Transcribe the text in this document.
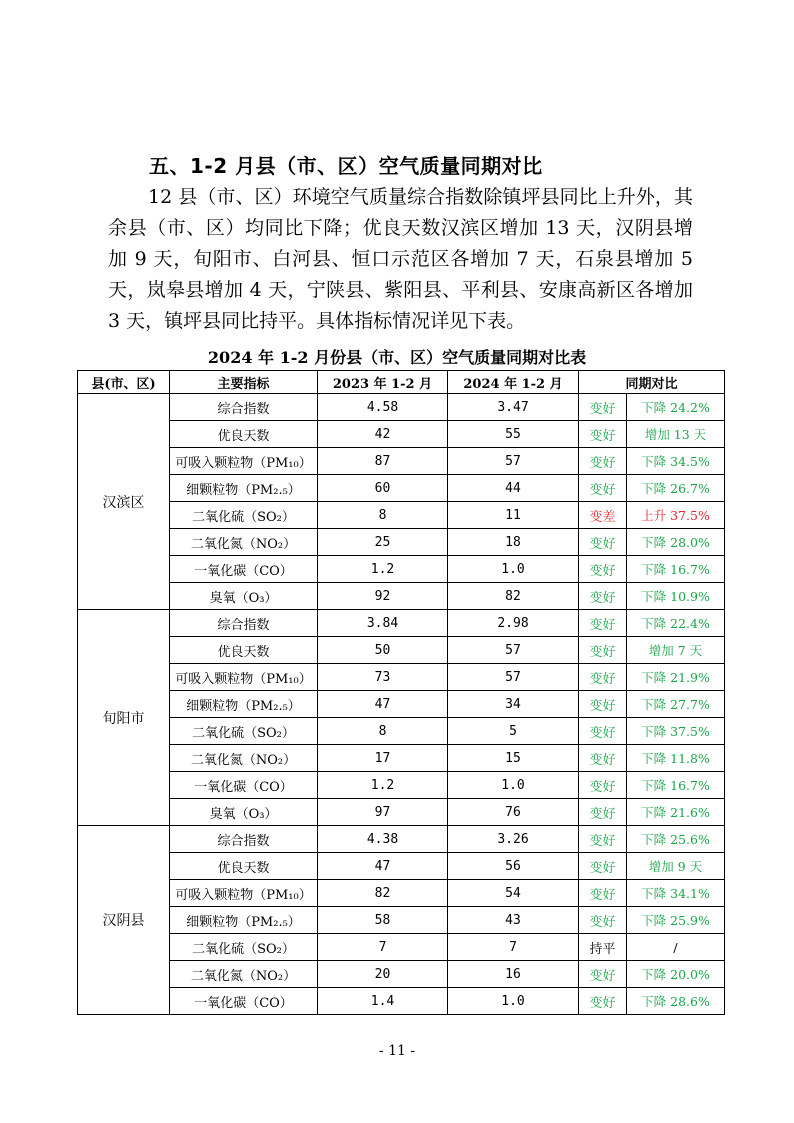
五、1-2 月县（市、区）空气质量同期对比
12 县（市、区）环境空气质量综合指数除镇坪县同比上升外，其余县（市、区）均同比下降；优良天数汉滨区增加 13 天，汉阴县增加 9 天，旬阳市、白河县、恒口示范区各增加 7 天，石泉县增加 5 天，岚皋县增加 4 天，宁陕县、紫阳县、平利县、安康高新区各增加 3 天，镇坪县同比持平。具体指标情况详见下表。
2024 年 1-2 月份县（市、区）空气质量同期对比表
县(市、区)	主要指标	2023 年 1-2 月	2024 年 1-2 月	同期对比	
汉滨区	综合指数	4.58	3.47	变好	下降 24.2%
	优良天数	42	55	变好	增加 13 天
	可吸入颗粒物（PM₁₀）	87	57	变好	下降 34.5%
	细颗粒物（PM₂.₅）	60	44	变好	下降 26.7%
	二氧化硫（SO₂）	8	11	变差	上升 37.5%
	二氧化氮（NO₂）	25	18	变好	下降 28.0%
	一氧化碳（CO）	1.2	1.0	变好	下降 16.7%
	臭氧（O₃）	92	82	变好	下降 10.9%
旬阳市	综合指数	3.84	2.98	变好	下降 22.4%
	优良天数	50	57	变好	增加 7 天
	可吸入颗粒物（PM₁₀）	73	57	变好	下降 21.9%
	细颗粒物（PM₂.₅）	47	34	变好	下降 27.7%
	二氧化硫（SO₂）	8	5	变好	下降 37.5%
	二氧化氮（NO₂）	17	15	变好	下降 11.8%
	一氧化碳（CO）	1.2	1.0	变好	下降 16.7%
	臭氧（O₃）	97	76	变好	下降 21.6%
汉阴县	综合指数	4.38	3.26	变好	下降 25.6%
	优良天数	47	56	变好	增加 9 天
	可吸入颗粒物（PM₁₀）	82	54	变好	下降 34.1%
	细颗粒物（PM₂.₅）	58	43	变好	下降 25.9%
	二氧化硫（SO₂）	7	7	持平	/
	二氧化氮（NO₂）	20	16	变好	下降 20.0%
	一氧化碳（CO）	1.4	1.0	变好	下降 28.6%
- 11 -
